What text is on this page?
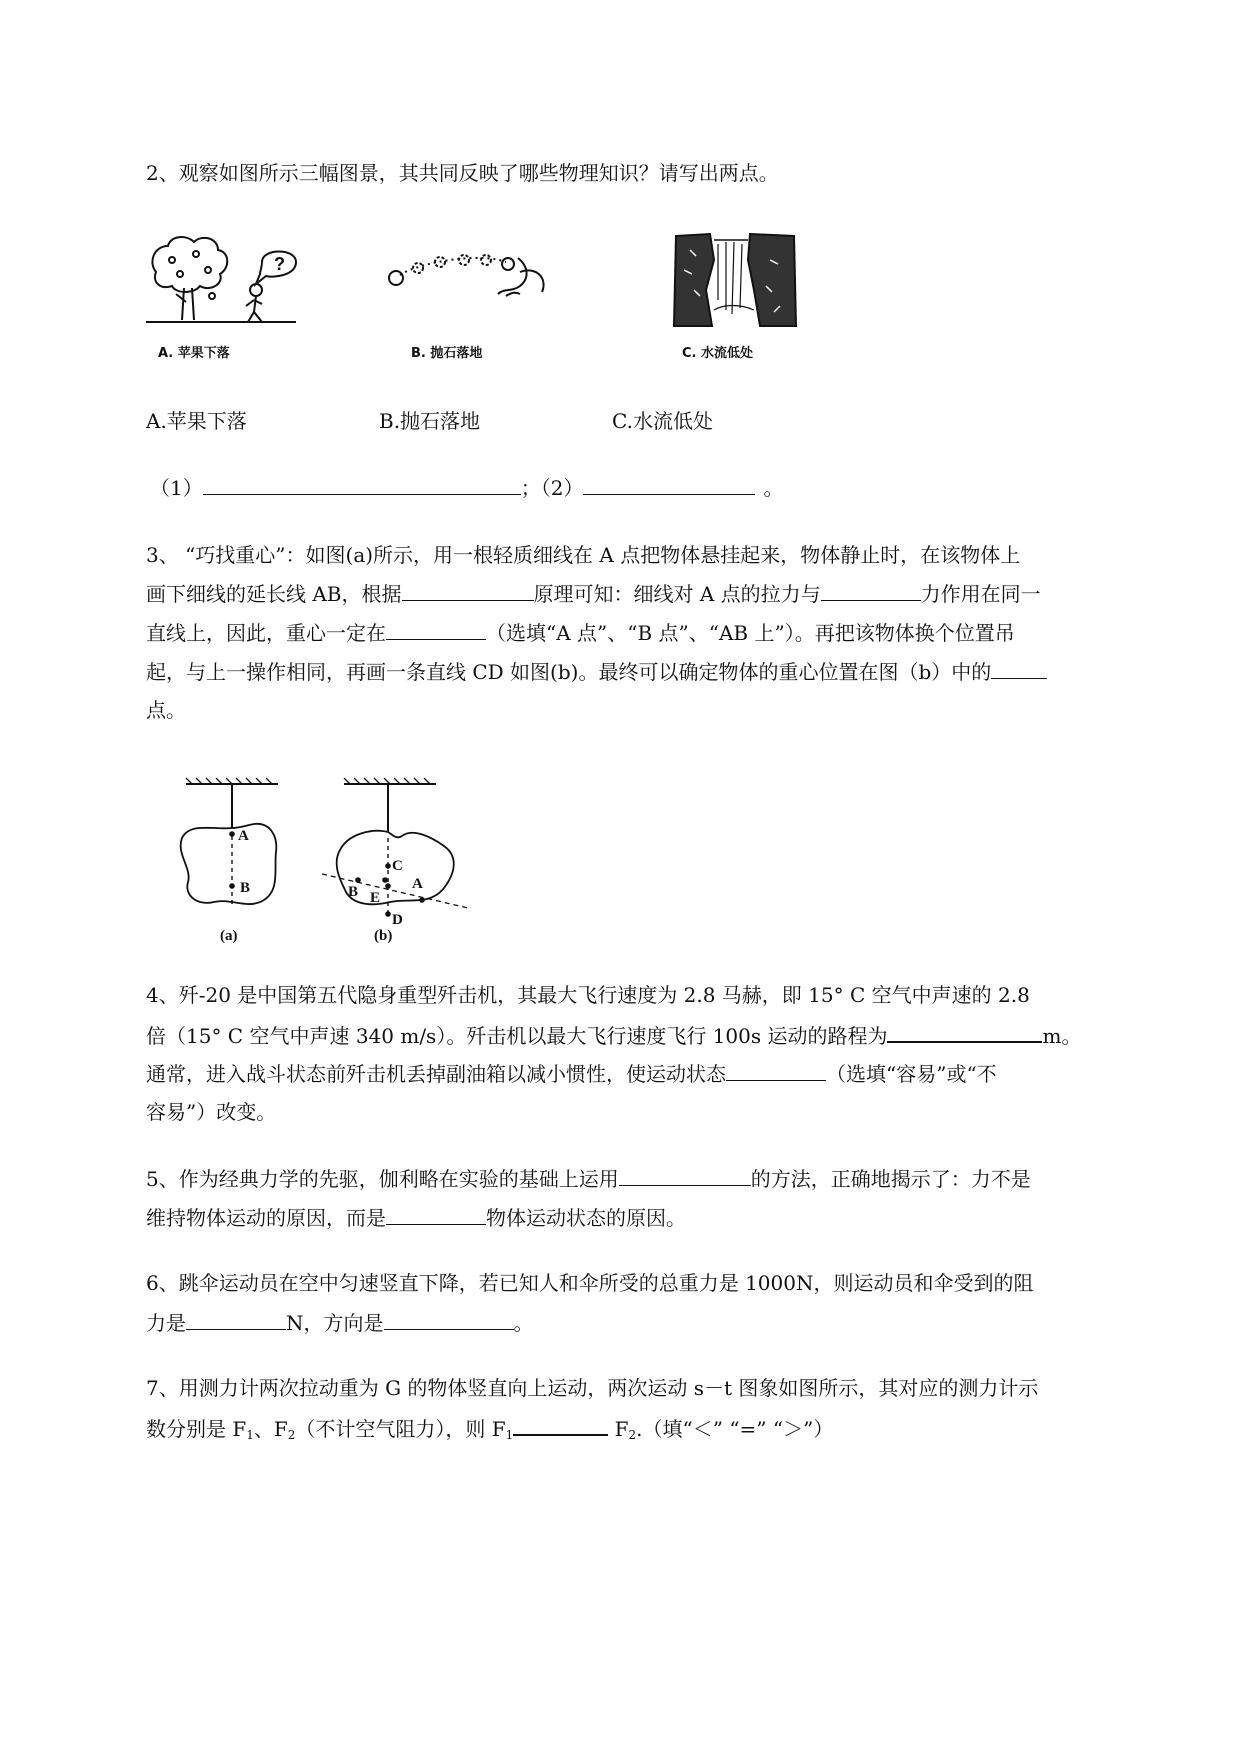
2、观察如图所示三幅图景，其共同反映了哪些物理知识？请写出两点。
?
A. 苹果下落	B. 抛石落地	C. 水流低处
A.苹果下落	B.抛石落地	C.水流低处
（1）	；（2）	。
3、 “巧找重心”：如图(a)所示，用一根轻质细线在 A 点把物体悬挂起来，物体静止时，在该物体上
画下细线的延长线 AB，根据	原理可知：细线对 A 点的拉力与	力作用在同一
直线上，因此，重心一定在	（选填“A 点”、“B 点”、“AB 上”）。再把该物体换个位置吊
起，与上一操作相同，再画一条直线 CD 如图(b)。最终可以确定物体的重心位置在图（b）中的
点。
A
B
(a)
C
B	A
E
D
(b)
4、歼-20 是中国第五代隐身重型歼击机，其最大飞行速度为 2.8 马赫，即 15° C 空气中声速的 2.8
倍（15° C 空气中声速 340 m/s）。歼击机以最大飞行速度飞行 100s 运动的路程为	m。
通常，进入战斗状态前歼击机丢掉副油箱以减小惯性，使运动状态	（选填“容易”或“不
容易”）改变。
5、作为经典力学的先驱，伽利略在实验的基础上运用	的方法，正确地揭示了：力不是
维持物体运动的原因，而是	物体运动状态的原因。
6、跳伞运动员在空中匀速竖直下降，若已知人和伞所受的总重力是 1000N，则运动员和伞受到的阻
力是	N，方向是	。
7、用测力计两次拉动重为 G 的物体竖直向上运动，两次运动 s－t 图象如图所示，其对应的测力计示
数分别是 $F_1$、$F_2$（不计空气阻力），则 $F_1$	$F_2$.（填“＜” “=” “＞”）
